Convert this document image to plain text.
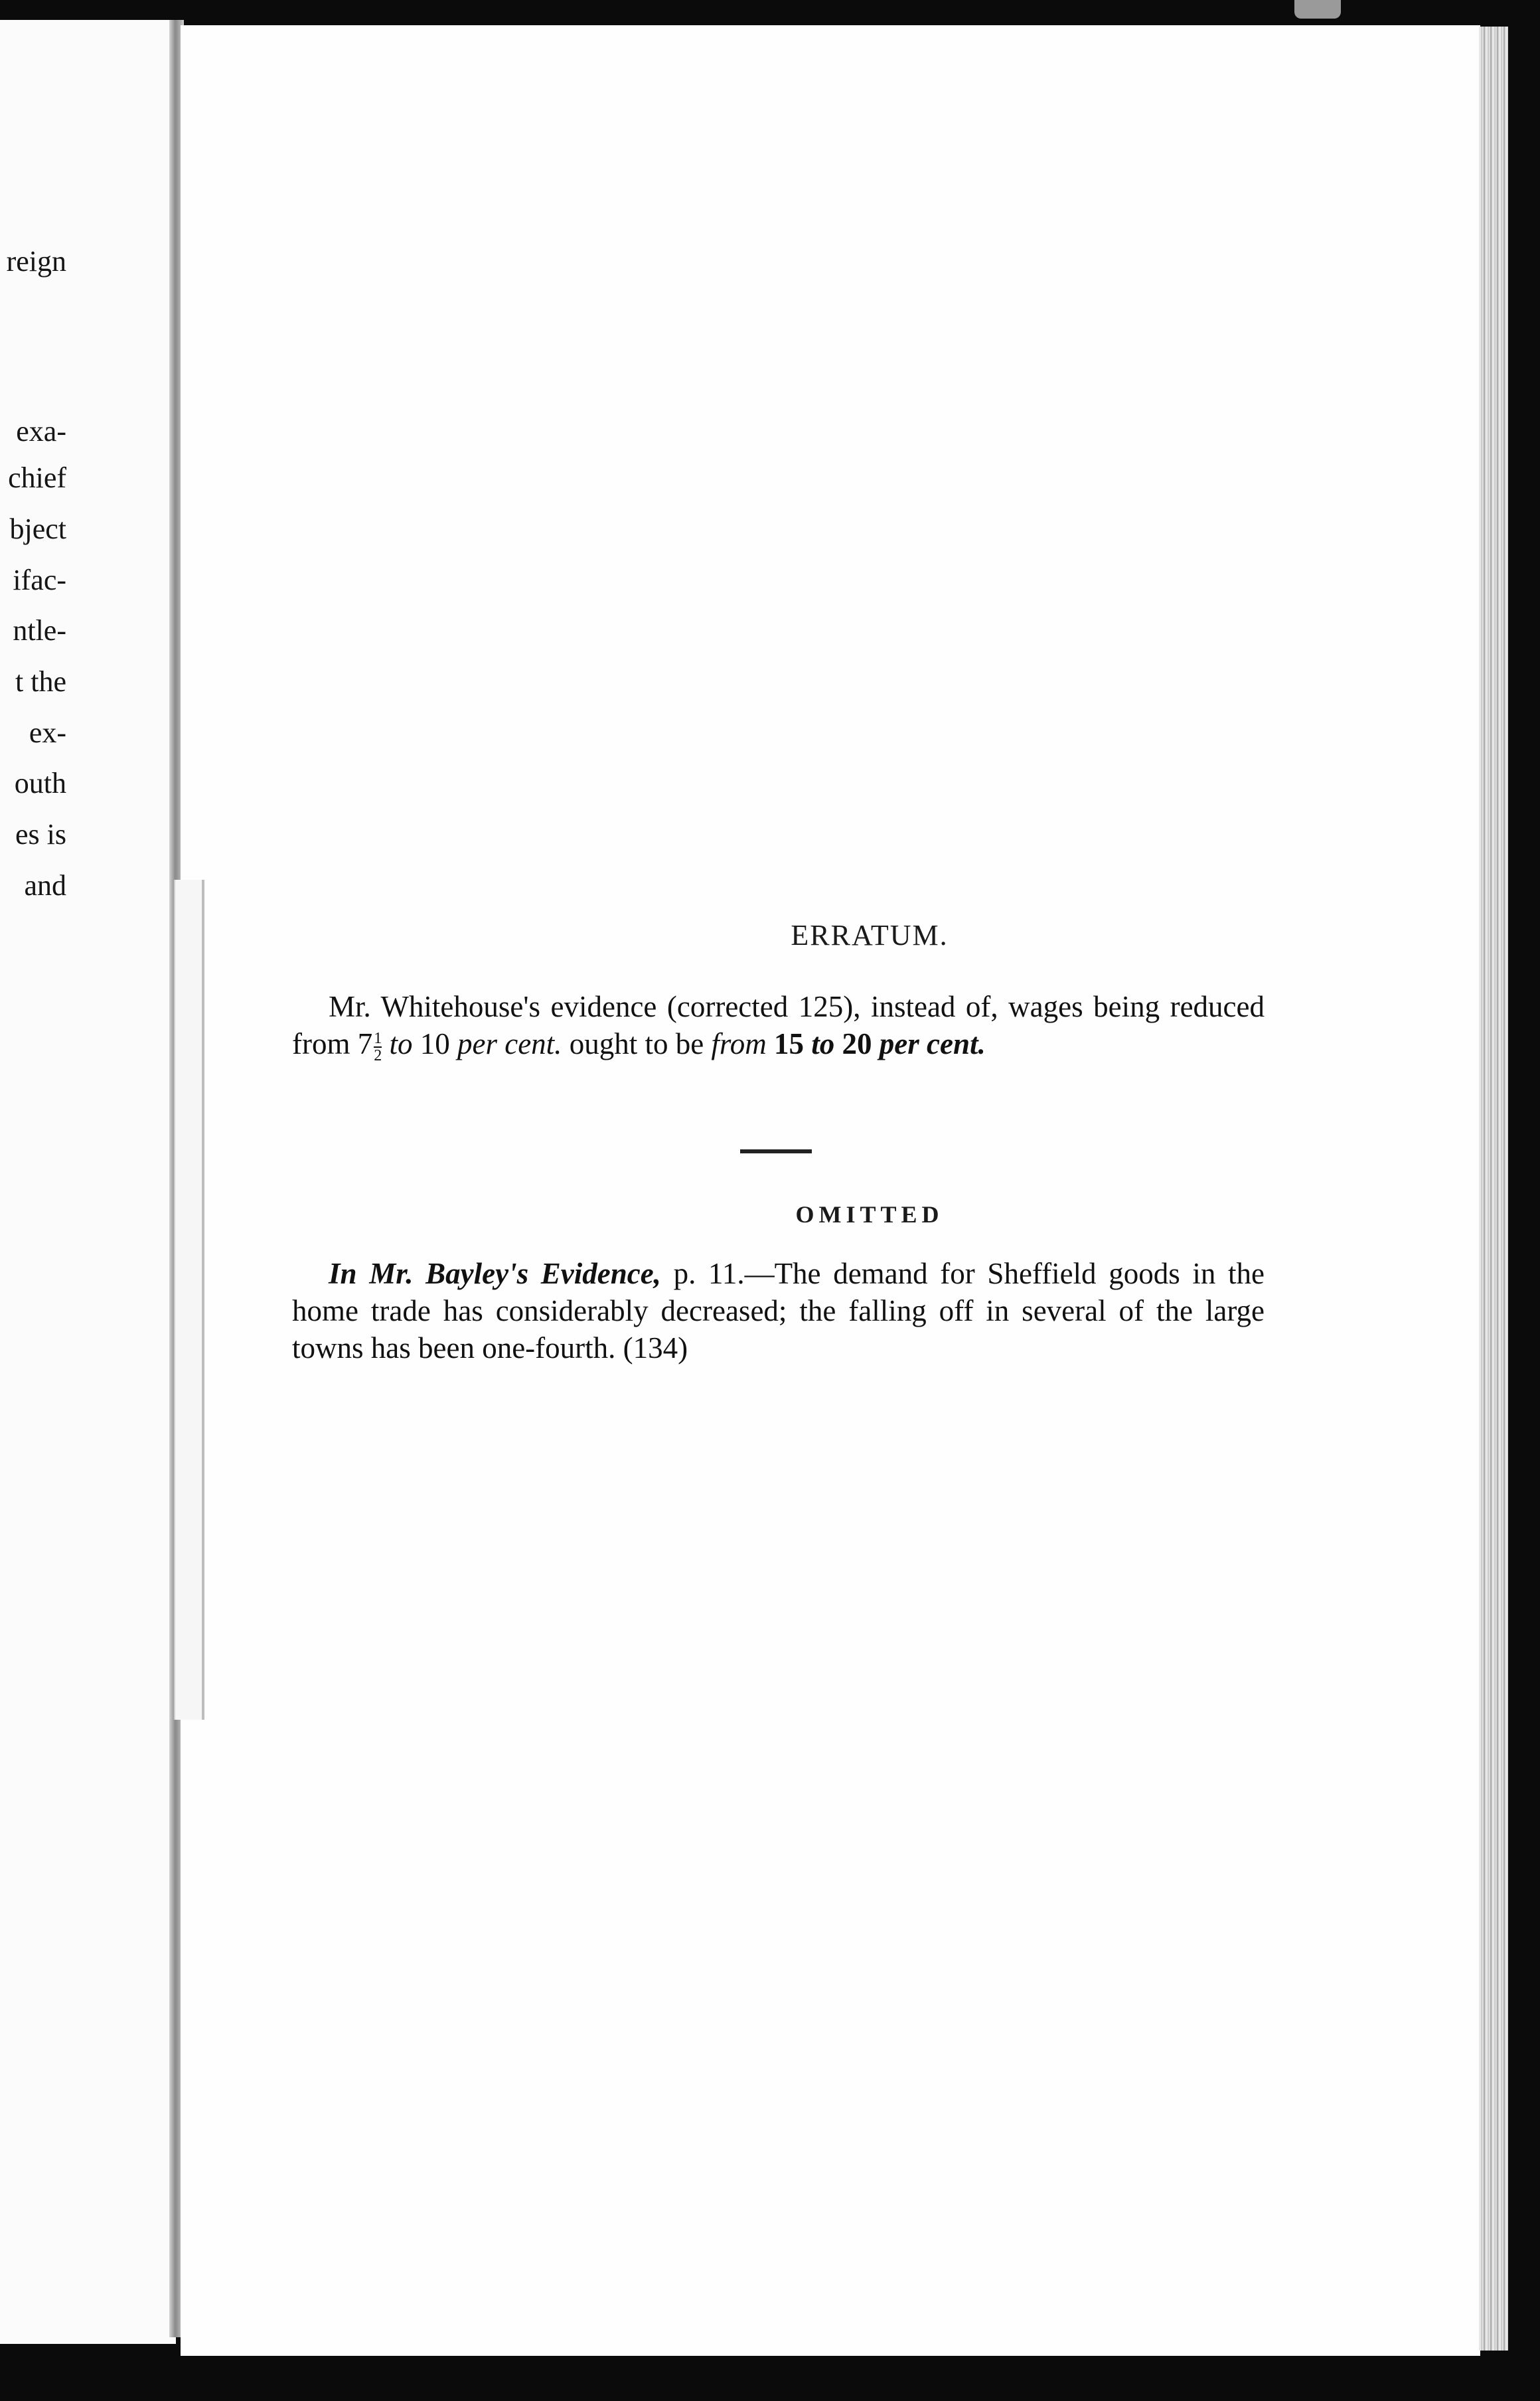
reign
exa-
chief
bject
ifac-
ntle-
t the
ex-
outh
es is
and
ERRATUM.
Mr. Whitehouse's evidence (corrected 125), instead of, wages being reduced from $7 \frac{1}{2}$ to 10 per cent. ought to be from 15 to 20 per cent.
OMITTED
In Mr. Bayley's Evidence, p. 11.—The demand for Sheffield goods in the home trade has considerably decreased; the falling off in several of the large towns has been one-fourth. (134)
